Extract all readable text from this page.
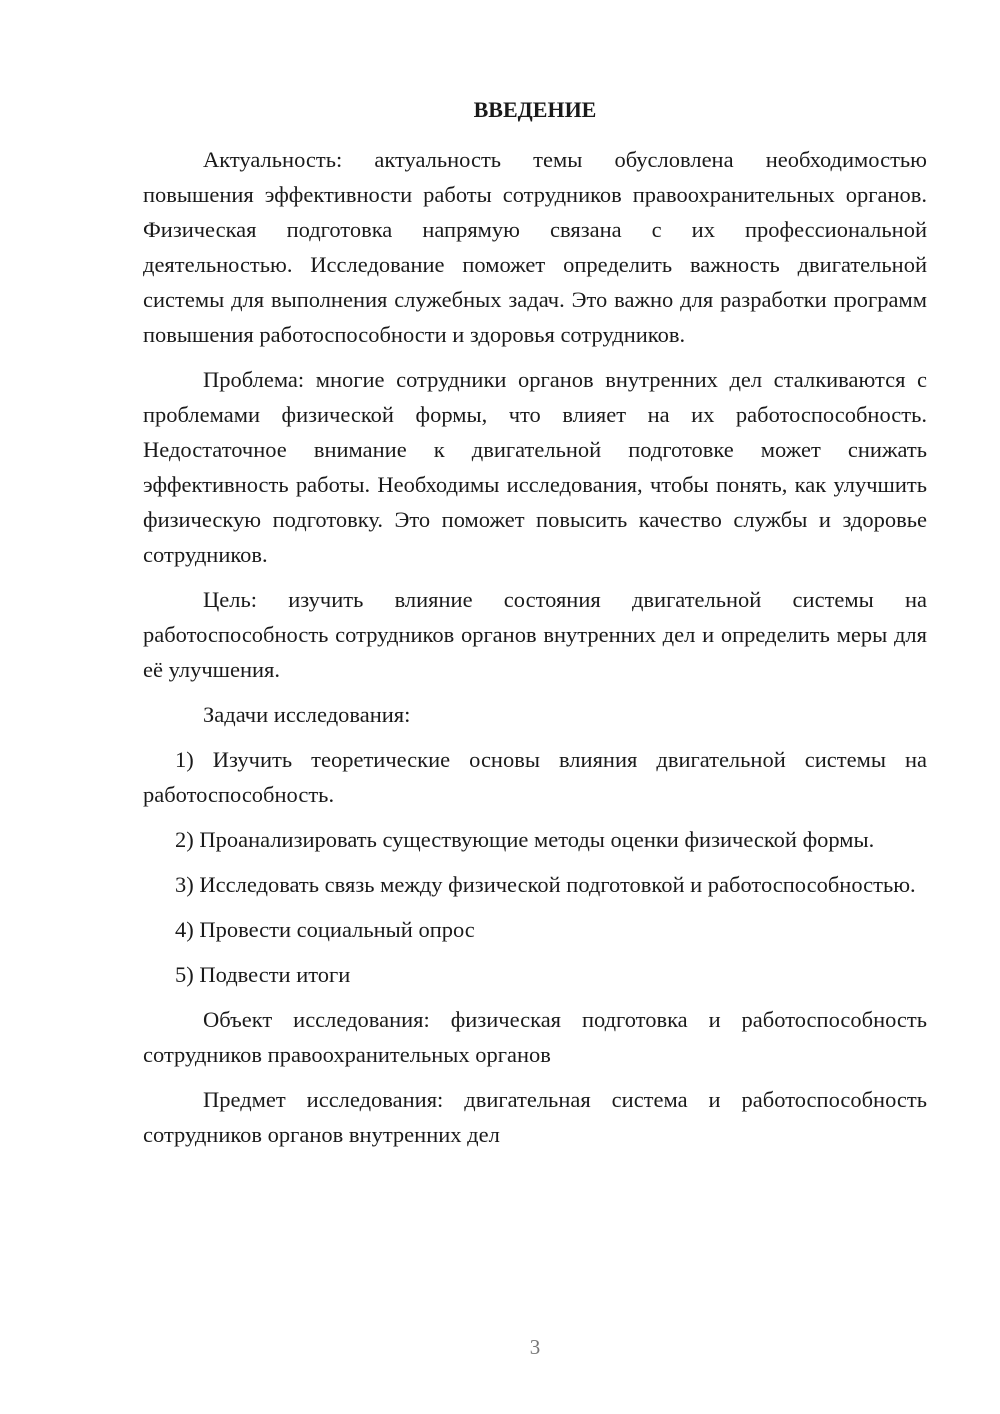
ВВЕДЕНИЕ

Актуальность: актуальность темы обусловлена необходимостью повышения эффективности работы сотрудников правоохранительных органов. Физическая подготовка напрямую связана с их профессиональной деятельностью. Исследование поможет определить важность двигательной системы для выполнения служебных задач. Это важно для разработки программ повышения работоспособности и здоровья сотрудников.

Проблема: многие сотрудники органов внутренних дел сталкиваются с проблемами физической формы, что влияет на их работоспособность. Недостаточное внимание к двигательной подготовке может снижать эффективность работы. Необходимы исследования, чтобы понять, как улучшить физическую подготовку. Это поможет повысить качество службы и здоровье сотрудников.

Цель: изучить влияние состояния двигательной системы на работоспособность сотрудников органов внутренних дел и определить меры для её улучшения.

Задачи исследования:

1) Изучить теоретические основы влияния двигательной системы на работоспособность.

2) Проанализировать существующие методы оценки физической формы.

3) Исследовать связь между физической подготовкой и работоспособностью.

4) Провести социальный опрос

5) Подвести итоги

Объект исследования: физическая подготовка и работоспособность сотрудников правоохранительных органов

Предмет исследования: двигательная система и работоспособность сотрудников органов внутренних дел

3
